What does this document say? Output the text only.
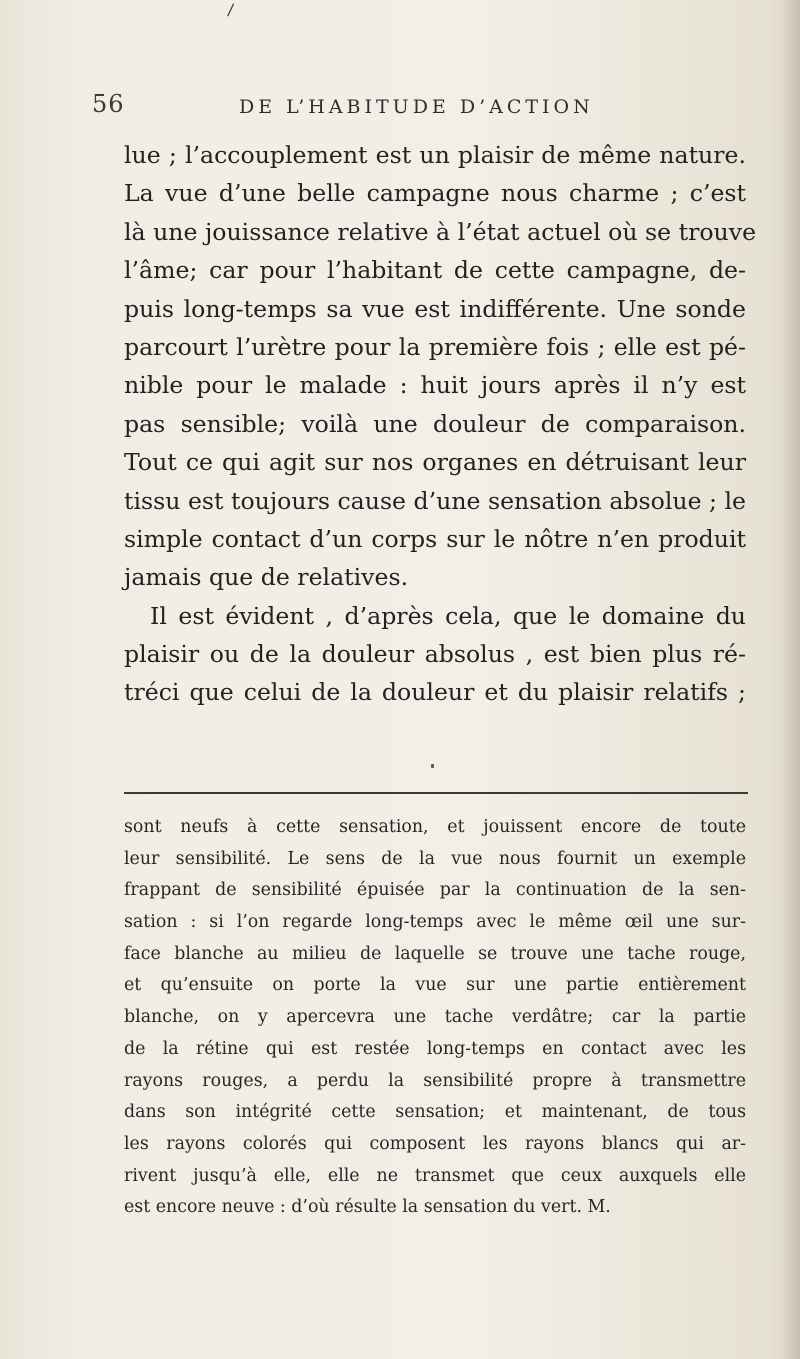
/
56	DE L’HABITUDE D’ACTION
lue ; l’accouplement est un plaisir de même nature.
La vue d’une belle campagne nous charme ; c’est
là une jouissance relative à l’état actuel où se trouve
l’âme; car pour l’habitant de cette campagne, de-
puis long-temps sa vue est indifférente. Une sonde
parcourt l’urètre pour la première fois ; elle est pé-
nible pour le malade : huit jours après il n’y est
pas sensible; voilà une douleur de comparaison.
Tout ce qui agit sur nos organes en détruisant leur
tissu est toujours cause d’une sensation absolue ; le
simple contact d’un corps sur le nôtre n’en produit
jamais que de relatives.
Il est évident , d’après cela, que le domaine du
plaisir ou de la douleur absolus , est bien plus ré-
tréci que celui de la douleur et du plaisir relatifs ;
sont neufs à cette sensation, et jouissent encore de toute
leur sensibilité. Le sens de la vue nous fournit un exemple
frappant de sensibilité épuisée par la continuation de la sen-
sation : si l’on regarde long-temps avec le même œil une sur-
face blanche au milieu de laquelle se trouve une tache rouge,
et qu’ensuite on porte la vue sur une partie entièrement
blanche, on y apercevra une tache verdâtre; car la partie
de la rétine qui est restée long-temps en contact avec les
rayons rouges, a perdu la sensibilité propre à transmettre
dans son intégrité cette sensation; et maintenant, de tous
les rayons colorés qui composent les rayons blancs qui ar-
rivent jusqu’à elle, elle ne transmet que ceux auxquels elle
est encore neuve : d’où résulte la sensation du vert. M.
